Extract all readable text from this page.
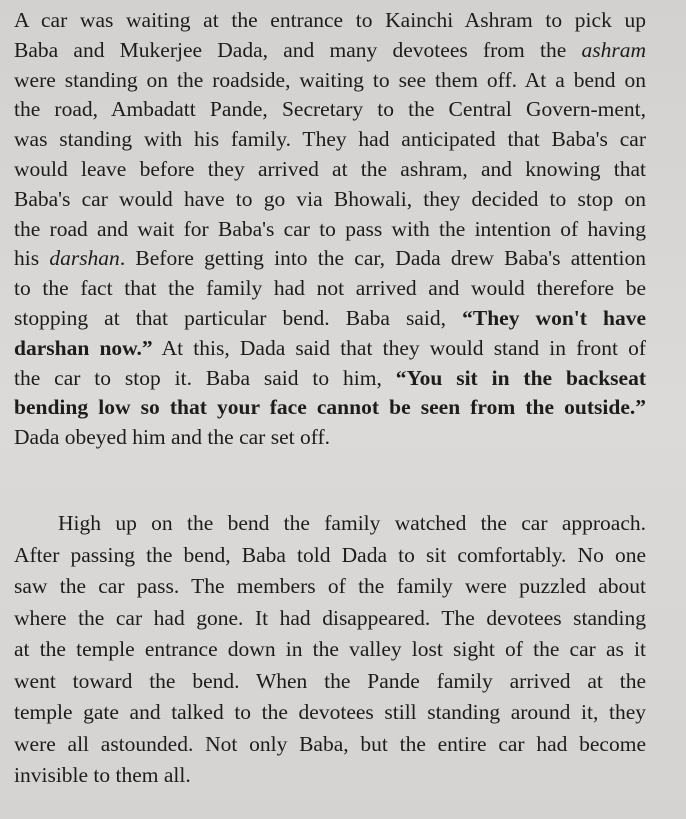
A car was waiting at the entrance to Kainchi Ashram to pick up
Baba and Mukerjee Dada, and many devotees from the ashram
were standing on the roadside, waiting to see them off. At a bend on
the road, Ambadatt Pande, Secretary to the Central Govern-ment,
was standing with his family. They had anticipated that Baba's car
would leave before they arrived at the ashram, and knowing that
Baba's car would have to go via Bhowali, they decided to stop on
the road and wait for Baba's car to pass with the intention of having
his darshan. Before getting into the car, Dada drew Baba's attention
to the fact that the family had not arrived and would therefore be
stopping at that particular bend. Baba said, “They won't have
darshan now.” At this, Dada said that they would stand in front of
the car to stop it. Baba said to him, “You sit in the backseat
bending low so that your face cannot be seen from the outside.”
Dada obeyed him and the car set off.
High up on the bend the family watched the car approach.
After passing the bend, Baba told Dada to sit comfortably. No one
saw the car pass. The members of the family were puzzled about
where the car had gone. It had disappeared. The devotees standing
at the temple entrance down in the valley lost sight of the car as it
went toward the bend. When the Pande family arrived at the
temple gate and talked to the devotees still standing around it, they
were all astounded. Not only Baba, but the entire car had become
invisible to them all.
